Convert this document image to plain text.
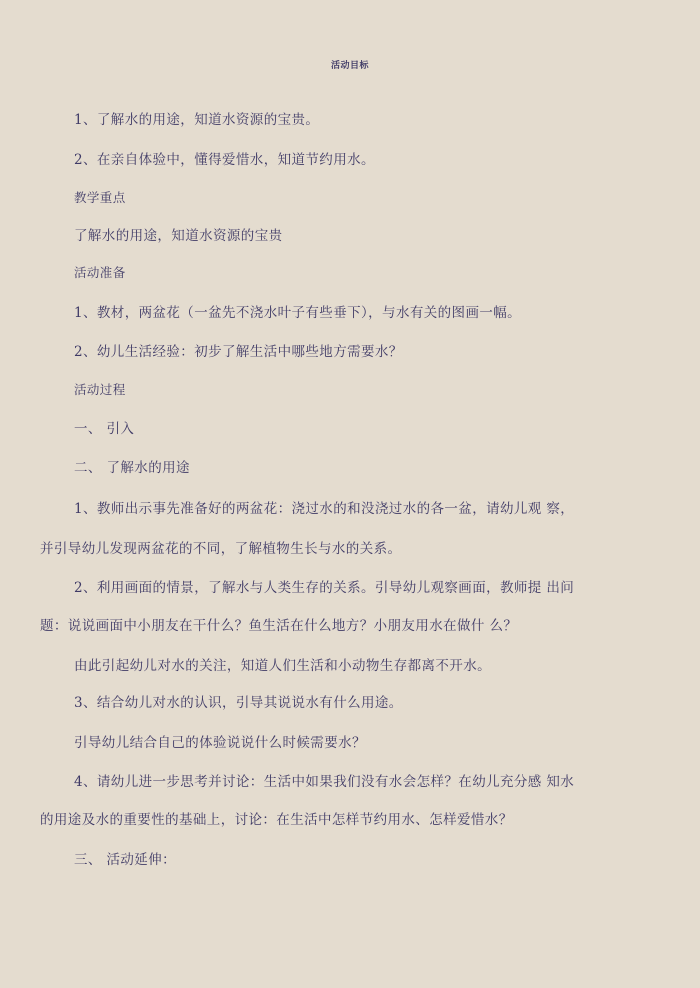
活动目标
1、了解水的用途，知道水资源的宝贵。
2、在亲自体验中，懂得爱惜水，知道节约用水。
教学重点
了解水的用途，知道水资源的宝贵
活动准备
1、教材，两盆花（一盆先不浇水叶子有些垂下），与水有关的图画一幅。
2、幼儿生活经验：初步了解生活中哪些地方需要水？
活动过程
一、 引入
二、 了解水的用途
1、教师出示事先准备好的两盆花：浇过水的和没浇过水的各一盆，请幼儿观 察，
并引导幼儿发现两盆花的不同，了解植物生长与水的关系。
2、利用画面的情景，了解水与人类生存的关系。引导幼儿观察画面，教师提 出问
题：说说画面中小朋友在干什么？鱼生活在什么地方？小朋友用水在做什 么？
由此引起幼儿对水的关注，知道人们生活和小动物生存都离不开水。
3、结合幼儿对水的认识，引导其说说水有什么用途。
引导幼儿结合自己的体验说说什么时候需要水？
4、请幼儿进一步思考并讨论：生活中如果我们没有水会怎样？在幼儿充分感 知水
的用途及水的重要性的基础上，讨论：在生活中怎样节约用水、怎样爱惜水？
三、 活动延伸：
